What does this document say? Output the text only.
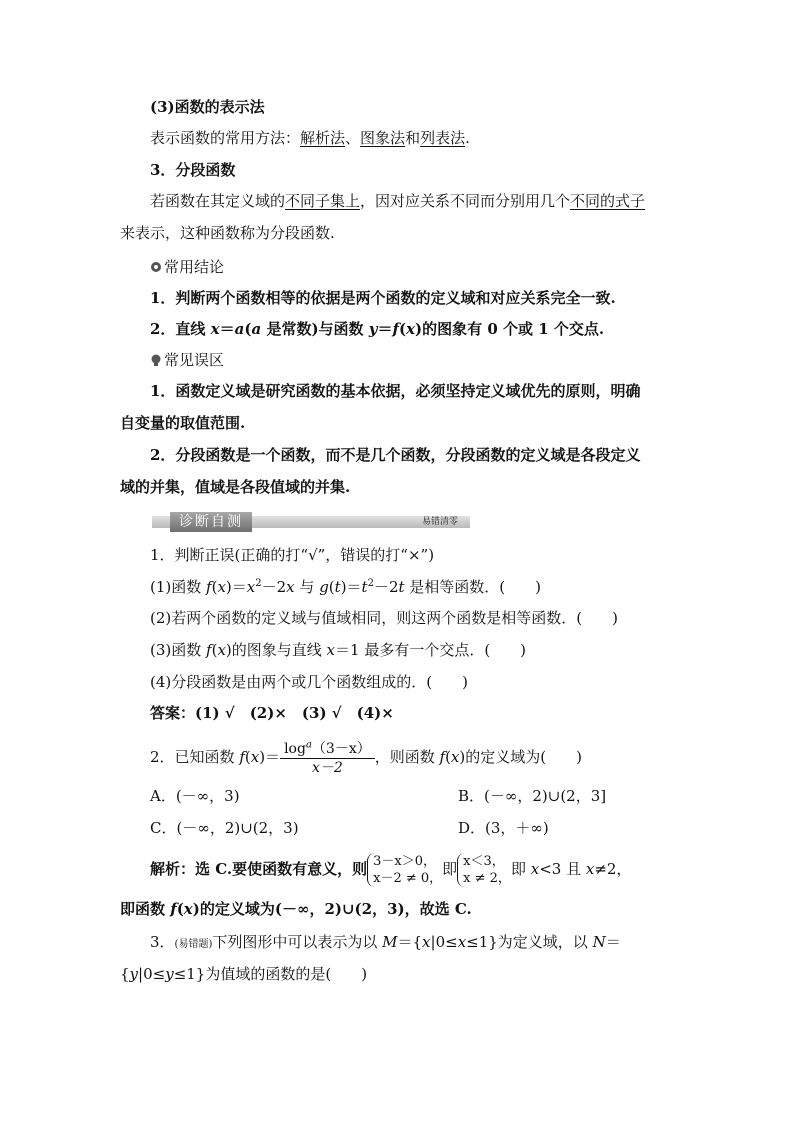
(3)函数的表示法
表示函数的常用方法：解析法、图象法和列表法.
3．分段函数
若函数在其定义域的不同子集上，因对应关系不同而分别用几个不同的式子
来表示，这种函数称为分段函数.
常用结论
1．判断两个函数相等的依据是两个函数的定义域和对应关系完全一致.
2．直线 x＝a(a 是常数)与函数 y＝f(x)的图象有 0 个或 1 个交点.
常见误区
1．函数定义域是研究函数的基本依据，必须坚持定义域优先的原则，明确
自变量的取值范围.
2．分段函数是一个函数，而不是几个函数，分段函数的定义域是各段定义
域的并集，值域是各段值域的并集.
诊断自测	易错清零
1．判断正误(正确的打“√”，错误的打“×”)
(1)函数 $f(x)=x^2-2x$ 与 $g(t)=t^2-2t$ 是相等函数．(　　)
(2)若两个函数的定义域与值域相同，则这两个函数是相等函数．(　　)
(3)函数 f(x)的图象与直线 x＝1 最多有一个交点．(　　)
(4)分段函数是由两个或几个函数组成的．(　　)
答案：(1) √　(2)×　(3) √　(4)×
2．已知函数 $f(x)= \frac{\log^a(3-x)}{x-2}$ ，则函数 f(x)的定义域为(　　)
A．(－∞，3)	B．(－∞，2)∪(2，3]
C．(－∞，2)∪(2，3)	D．(3，＋∞)
解析：选 C.要使函数有意义，则 3－x＞0，
x－2 ≠ 0，
即 x＜3，
x ≠ 2，
即 x<3 且 x≠2，
即函数 f(x)的定义域为(－∞，2)∪(2，3)，故选 C.
3．(易错题)下列图形中可以表示为以 M＝{x|0≤x≤1}为定义域，以 N＝
{y|0≤y≤1}为值域的函数的是(　　)
